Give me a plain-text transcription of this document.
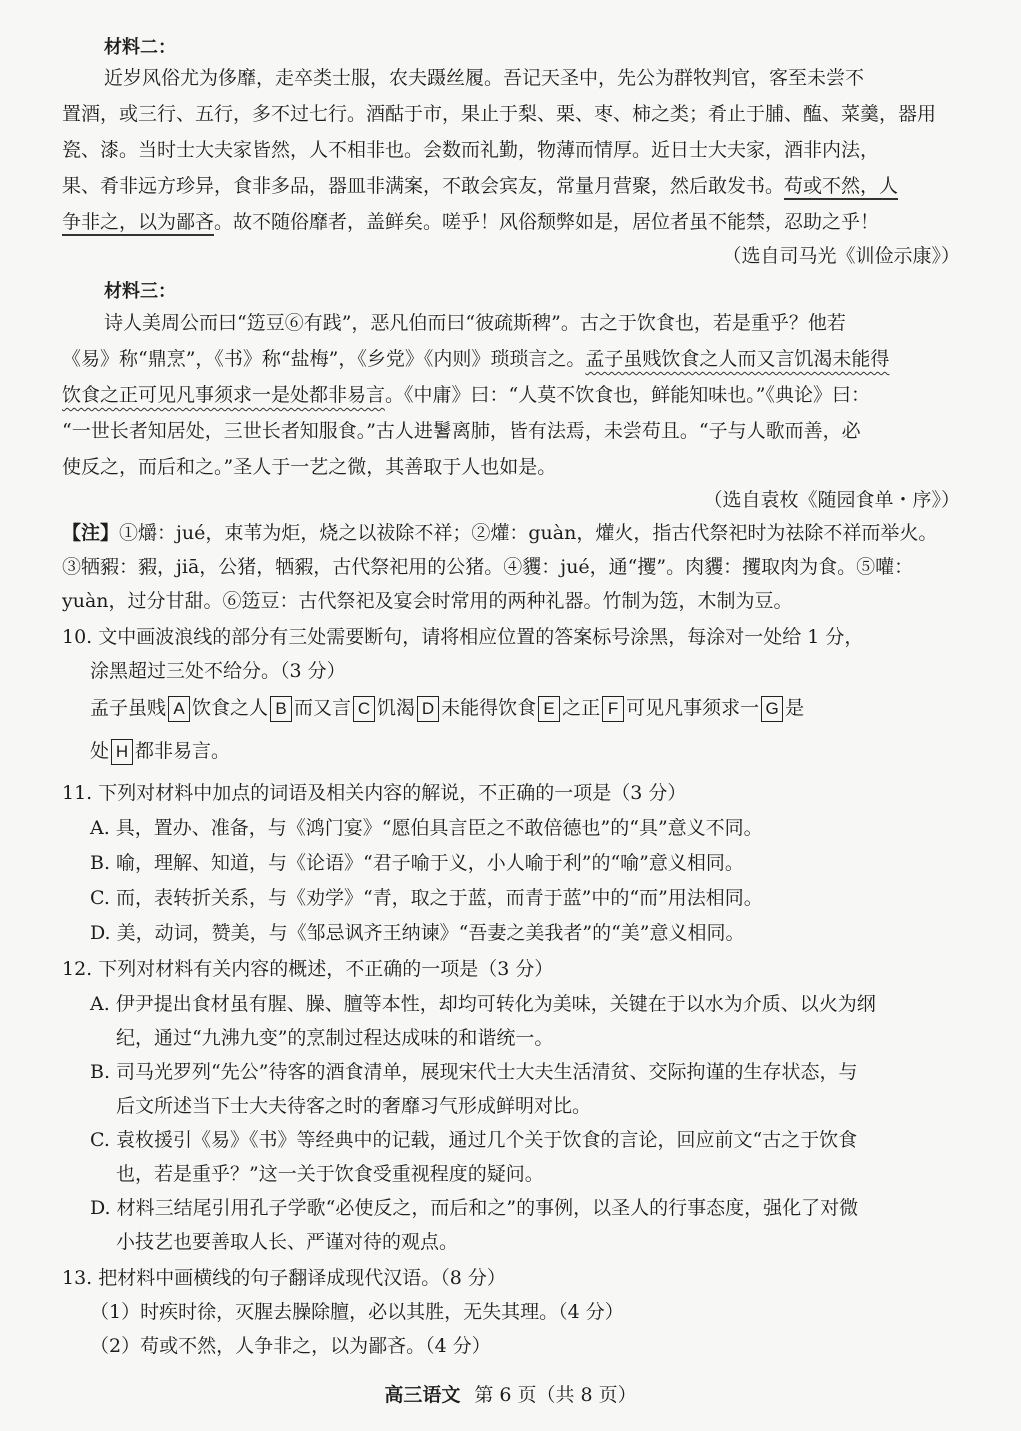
材料二：
近岁风俗尤为侈靡，走卒类士服，农夫蹑丝履。吾记天圣中，先公为群牧判官，客至未尝不
置酒，或三行、五行，多不过七行。酒酤于市，果止于梨、栗、枣、柿之类；肴止于脯、醢、菜羹，器用
瓷、漆。当时士大夫家皆然，人不相非也。会数而礼勤，物薄而情厚。近日士大夫家，酒非内法，
果、肴非远方珍异，食非多品，器皿非满案，不敢会宾友，常量月营聚，然后敢发书。苟或不然，人
争非之，以为鄙吝。故不随俗靡者，盖鲜矣。嗟乎！风俗颓弊如是，居位者虽不能禁，忍助之乎！
（选自司马光《训俭示康》）
材料三：
诗人美周公而曰“笾豆⑥有践”，恶凡伯而曰“彼疏斯稗”。古之于饮食也，若是重乎？他若
《易》称“鼎烹”，《书》称“盐梅”，《乡党》《内则》琐琐言之。孟子虽贱饮食之人而又言饥渴未能得
饮食之正可见凡事须求一是处都非易言。《中庸》曰：“人莫不饮食也，鲜能知味也。”《典论》曰：
“一世长者知居处，三世长者知服食。”古人进鬐离肺，皆有法焉，未尝苟且。“子与人歌而善，必
使反之，而后和之。”圣人于一艺之微，其善取于人也如是。
（选自袁枚《随园食单・序》）
【注】①爝：jué，束苇为炬，烧之以祓除不祥；②爟：guàn，爟火，指古代祭祀时为祛除不祥而举火。
③牺豭：豭，jiā，公猪，牺豭，古代祭祀用的公猪。④貜：jué，通“攫”。肉貜：攫取肉为食。⑤嚾：
yuàn，过分甘甜。⑥笾豆：古代祭祀及宴会时常用的两种礼器。竹制为笾，木制为豆。
10. 文中画波浪线的部分有三处需要断句，请将相应位置的答案标号涂黑，每涂对一处给 1 分，
涂黑超过三处不给分。（3 分）
孟子虽贱 A 饮食之人 B 而又言 C 饥渴 D 未能得饮食 E 之正 F 可见凡事须求一 G 是
处 H 都非易言。
11. 下列对材料中加点的词语及相关内容的解说，不正确的一项是（3 分）
A. 具，置办、准备，与《鸿门宴》“愿伯具言臣之不敢倍德也”的“具”意义不同。
B. 喻，理解、知道，与《论语》“君子喻于义，小人喻于利”的“喻”意义相同。
C. 而，表转折关系，与《劝学》“青，取之于蓝，而青于蓝”中的“而”用法相同。
D. 美，动词，赞美，与《邹忌讽齐王纳谏》“吾妻之美我者”的“美”意义相同。
12. 下列对材料有关内容的概述，不正确的一项是（3 分）
A. 伊尹提出食材虽有腥、臊、膻等本性，却均可转化为美味，关键在于以水为介质、以火为纲
纪，通过“九沸九变”的烹制过程达成味的和谐统一。
B. 司马光罗列“先公”待客的酒食清单，展现宋代士大夫生活清贫、交际拘谨的生存状态，与
后文所述当下士大夫待客之时的奢靡习气形成鲜明对比。
C. 袁枚援引《易》《书》等经典中的记载，通过几个关于饮食的言论，回应前文“古之于饮食
也，若是重乎？”这一关于饮食受重视程度的疑问。
D. 材料三结尾引用孔子学歌“必使反之，而后和之”的事例，以圣人的行事态度，强化了对微
小技艺也要善取人长、严谨对待的观点。
13. 把材料中画横线的句子翻译成现代汉语。（8 分）
（1）时疾时徐，灭腥去臊除膻，必以其胜，无失其理。（4 分）
（2）苟或不然，人争非之，以为鄙吝。（4 分）
高三语文 第 6 页（共 8 页）
